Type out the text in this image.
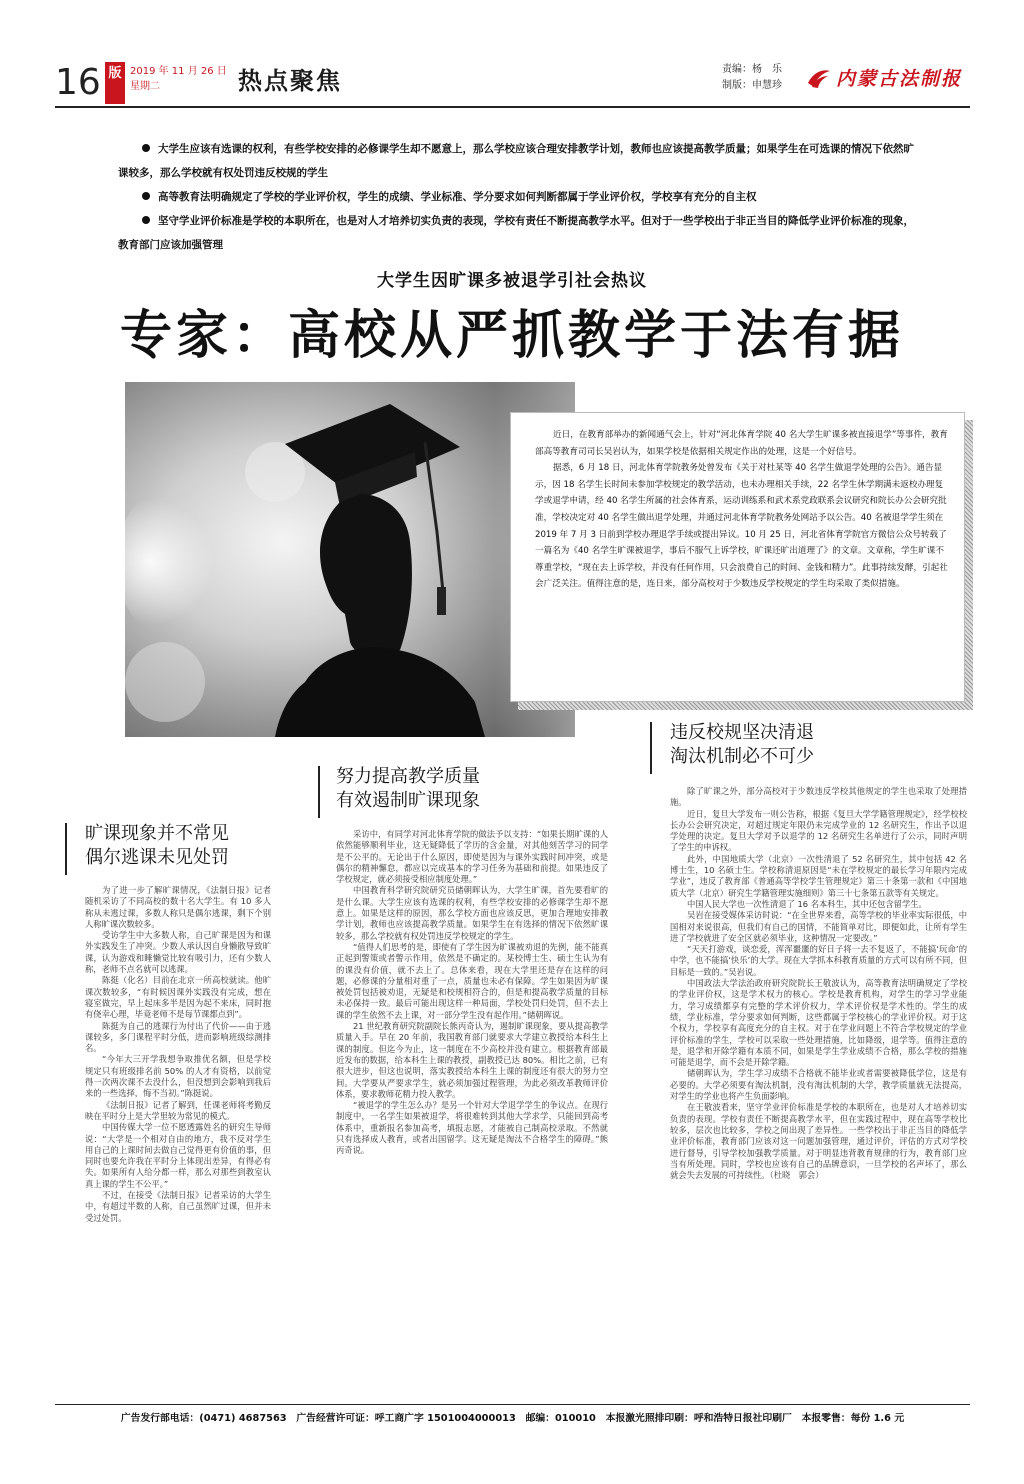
16 版 2019 年 11 月 26 日
星期二	热点聚焦	责编：杨　乐
制版：申慧珍	内蒙古法制报

大学生应该有选课的权利，有些学校安排的必修课学生却不愿意上，那么学校应该合理安排教学计划，教师也应该提高教学质量；如果学生在可选课的情况下依然旷课较多，那么学校就有权处罚违反校规的学生

高等教育法明确规定了学校的学业评价权，学生的成绩、学业标准、学分要求如何判断都属于学业评价权，学校享有充分的自主权

坚守学业评价标准是学校的本职所在，也是对人才培养切实负责的表现，学校有责任不断提高教学水平。但对于一些学校出于非正当目的降低学业评价标准的现象，教育部门应该加强管理

大学生因旷课多被退学引社会热议
专家：高校从严抓教学于法有据

近日，在教育部举办的新闻通气会上，针对“河北体育学院 40 名大学生旷课多被直接退学”等事件，教育部高等教育司司长吴岩认为，如果学校是依据相关规定作出的处理，这是一个好信号。

据悉，6 月 18 日，河北体育学院教务处曾发布《关于对杜某等 40 名学生做退学处理的公告》。通告显示，因 18 名学生长时间未参加学校规定的教学活动，也未办理相关手续，22 名学生休学期满未返校办理复学或退学申请，经 40 名学生所属的社会体育系，运动训练系和武术系党政联系会议研究和院长办公会研究批准，学校决定对 40 名学生做出退学处理，并通过河北体育学院教务处网站予以公告。40 名被退学学生须在 2019 年 7 月 3 日前到学校办理退学手续或提出异议。10 月 25 日，河北省体育学院官方微信公众号转载了一篇名为《40 名学生旷课被退学，事后不服气上诉学校，旷课还旷出道理了》的文章。文章称，学生旷课不尊重学校，“现在去上诉学校，并没有任何作用，只会浪费自己的时间、金钱和精力”。此事持续发酵，引起社会广泛关注。值得注意的是，连日来，部分高校对于少数违反学校规定的学生均采取了类似措施。

违反校规坚决清退
淘汰机制必不可少
努力提高教学质量
有效遏制旷课现象
旷课现象并不常见
偶尔逃课未见处罚

为了进一步了解旷课情况，《法制日报》记者随机采访了不同高校的数十名大学生。有 10 多人称从未逃过课，多数人称只是偶尔逃课，剩下个别人称旷课次数较多。

受访学生中大多数人称，自己旷课是因为和课外实践发生了冲突。少数人承认因自身懒散导致旷课，认为游戏和睡懒觉比较有吸引力，还有少数人称，老师不点名就可以逃课。

陈挺（化名）目前在北京一所高校就读。他旷课次数较多，“有时候因课外实践没有完成，想在寝室做完，早上起床多半是因为起不来床，同时抱有侥幸心理，毕竟老师不是每节课都点到”。

陈挺为自己的逃课行为付出了代价——由于逃课较多，多门课程平时分低，进而影响班级综测排名。

“今年大三开学我想争取推优名额，但是学校规定只有班级排名前 50% 的人才有资格，以前觉得一次两次课不去没什么，但没想到会影响到我后来的一些选择，悔不当初。”陈挺说。

《法制日报》记者了解到，任课老师将考勤反映在平时分上是大学里较为常见的模式。

中国传媒大学一位不愿透露姓名的研究生导师说：“大学是一个相对自由的地方，我不反对学生用自己的上课时间去做自己觉得更有价值的事，但同时也要允许我在平时分上体现出差异，有得必有失。如果所有人给分都一样，那么对那些到教室认真上课的学生不公平。”

不过，在接受《法制日报》记者采访的大学生中，有超过半数的人称，自己虽然旷过课，但并未受过处罚。

采访中，有同学对河北体育学院的做法予以支持：“如果长期旷课的人依然能够顺利毕业，这无疑降低了学历的含金量，对其他刻苦学习的同学是不公平的。无论出于什么原因，即使是因为与课外实践时间冲突，或是偶尔的精神懈怠，都应以完成基本的学习任务为基础和前提。如果违反了学校规定，就必须接受相应制度处理。”

中国教育科学研究院研究员储朝晖认为，大学生旷课，首先要看旷的是什么课。大学生应该有选课的权利，有些学校安排的必修课学生却不愿意上。如果是这样的原因，那么学校方面也应该反思，更加合理地安排教学计划，教师也应该提高教学质量。如果学生在有选择的情况下依然旷课较多，那么学校就有权处罚违反学校规定的学生。

“值得人们思考的是，即使有了学生因为旷课被劝退的先例，能不能真正起到警策或者警示作用，依然是不确定的。某校博士生、硕士生认为有的课没有价值，就不去上了。总体来看，现在大学里还是存在这样的问题，必修课的分量相对重了一点，质量也未必有保障。学生如果因为旷课被处罚包括被劝退，无疑是和校规相符合的，但是和提高教学质量的目标未必保持一致。最后可能出现这样一种局面，学校处罚归处罚，但不去上课的学生依然不去上课，对一部分学生没有起作用。”储朝晖说。

21 世纪教育研究院副院长熊丙奇认为，遏制旷课现象，要从提高教学质量入手。早在 20 年前，我国教育部门就要求大学建立教授给本科生上课的制度。但迄今为止，这一制度在不少高校并没有建立。根据教育部最近发布的数据，给本科生上课的教授，副教授已达 80%。相比之前，已有很大进步，但这也说明，落实教授给本科生上课的制度还有很大的努力空间。大学要从严要求学生，就必须加强过程管理，为此必须改革教师评价体系，要求教师花精力投入教学。

“被退学的学生怎么办？是另一个针对大学退学学生的争议点。在现行制度中，一名学生如果被退学，将很难转到其他大学求学，只能回到高考体系中，重新报名参加高考，填报志愿，才能被自己制高校录取。不然就只有选择成人教育，或者出国留学。这无疑是淘汰不合格学生的障碍。”熊丙奇说。

除了旷课之外，部分高校对于少数违反学校其他规定的学生也采取了处理措施。

近日，复旦大学发布一则公告称，根据《复旦大学学籍管理规定》，经学校校长办公会研究决定，对超过规定年限仍未完成学业的 12 名研究生，作出予以退学处理的决定。复旦大学对予以退学的 12 名研究生名单进行了公示，同时声明了学生的申诉权。

此外，中国地质大学（北京）一次性清退了 52 名研究生，其中包括 42 名博士生，10 名硕士生。学校称清退原因是“未在学校规定的最长学习年限内完成学业”，违反了教育部《普通高等学校学生管理规定》第三十条第一款和《中国地质大学（北京）研究生学籍管理实施细则》第三十七条第五款等有关规定。

中国人民大学也一次性清退了 16 名本科生，其中还包含留学生。

吴岩在接受媒体采访时说：“在全世界来看，高等学校的毕业率实际很低，中国相对来说很高，但我们有自己的国情，不能简单对比，即便如此，让所有学生进了学校就进了安全区就必须毕业，这种情况一定要改。”

“天天打游戏，谈恋爱，浑浑噩噩的好日子将一去不复返了，不能搞‘玩命’的中学，也不能搞‘快乐’的大学。现在大学抓本科教育质量的方式可以有所不同，但目标是一致的。”吴岩说。

中国政法大学法治政府研究院院长王敬波认为，高等教育法明确规定了学校的学业评价权，这是学术权力的核心。学校是教育机构，对学生的学习学业能力，学习成绩都享有完整的学术评价权力，学术评价权是学术性的。学生的成绩，学业标准，学分要求如何判断，这些都属于学校核心的学业评价权。对于这个权力，学校享有高度充分的自主权。对于在学业问题上不符合学校规定的学业评价标准的学生，学校可以采取一些处理措施，比如降级，退学等。值得注意的是，退学和开除学籍有本质不同，如果是学生学业成绩不合格，那么学校的措施可能是退学，而不会是开除学籍。

储朝晖认为，学生学习成绩不合格就不能毕业或者需要被降低学位，这是有必要的。大学必须要有淘汰机制，没有淘汰机制的大学，教学质量就无法提高，对学生的学业也将产生负面影响。

在王敬波看来，坚守学业评价标准是学校的本职所在，也是对人才培养切实负责的表现。学校有责任不断提高教学水平，但在实践过程中，现在高等学校比较多，层次也比较多，学校之间出现了差异性。一些学校出于非正当目的降低学业评价标准，教育部门应该对这一问题加强管理，通过评价，评估的方式对学校进行督导，引导学校加强教学质量。对于明显违背教育规律的行为，教育部门应当有所处理。同时，学校也应该有自己的品牌意识，一旦学校的名声坏了，那么就会失去发展的可持续性。（杜晓　郭会）

广告发行部电话：(0471) 4687563　广告经营许可证：呼工商广字 1501004000013　邮编：010010　本报激光照排印刷：呼和浩特日报社印刷厂　本报零售：每份 1.6 元
